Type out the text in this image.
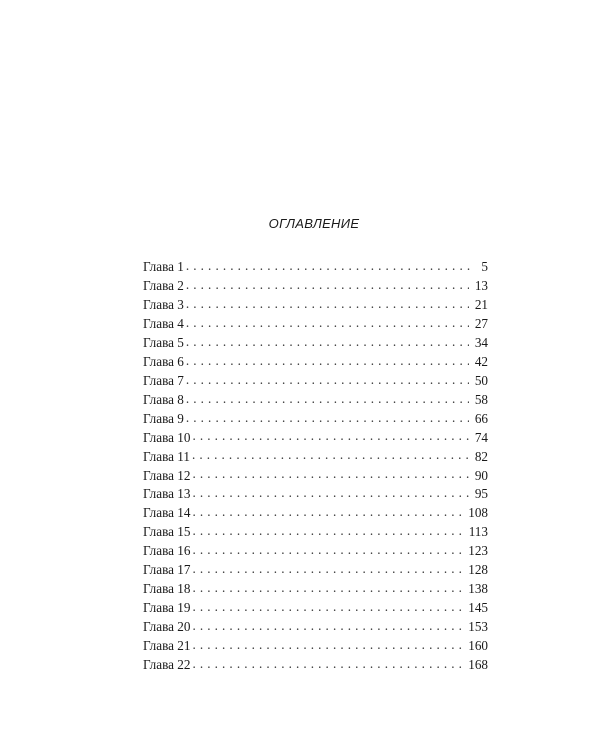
ОГЛАВЛЕНИЕ
Глава 1 . . .	5
Глава 2 . . .	13
Глава 3 . . .	21
Глава 4 . . .	27
Глава 5 . . .	34
Глава 6 . . .	42
Глава 7 . . .	50
Глава 8 . . .	58
Глава 9 . . .	66
Глава 10 . . .	74
Глава 11 . . .	82
Глава 12 . . .	90
Глава 13 . . .	95
Глава 14 . . .	108
Глава 15 . . .	113
Глава 16 . . .	123
Глава 17 . . .	128
Глава 18 . . .	138
Глава 19 . . .	145
Глава 20 . . .	153
Глава 21 . . .	160
Глава 22 . . .	168
